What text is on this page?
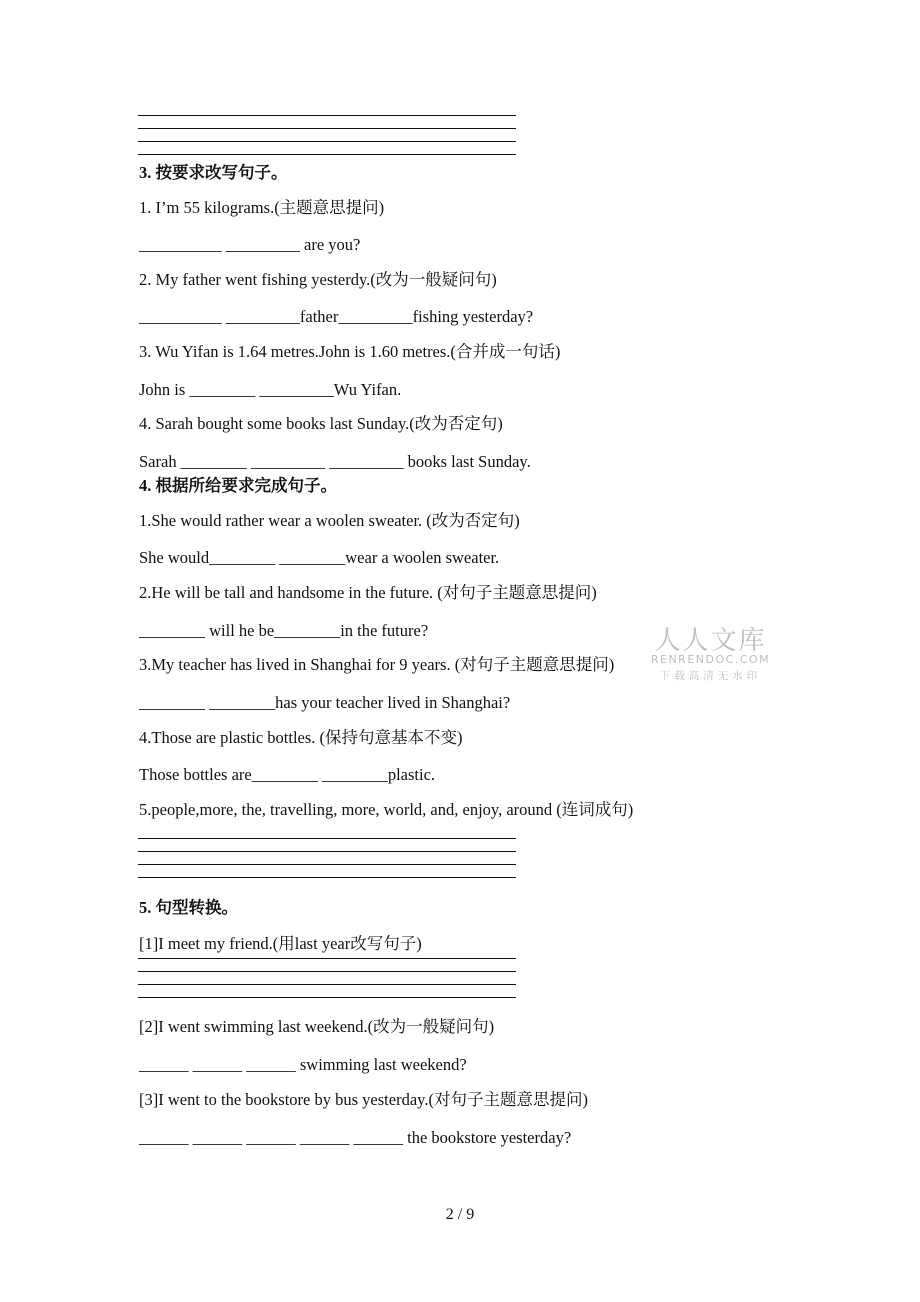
3. 按要求改写句子。
1. I’m 55 kilograms.(主题意思提问)
__________ _________ are you?
2. My father went fishing yesterdy.(改为一般疑问句)
__________ _________father_________fishing yesterday?
3. Wu Yifan is 1.64 metres.John is 1.60 metres.(合并成一句话)
John is ________ _________Wu Yifan.
4. Sarah bought some books last Sunday.(改为否定句)
Sarah ________ _________ _________ books last Sunday.
4. 根据所给要求完成句子。
1.She would rather wear a woolen sweater. (改为否定句)
She would________ ________wear a woolen sweater.
2.He will be tall and handsome in the future. (对句子主题意思提问)
________ will he be________in the future?
3.My teacher has lived in Shanghai for 9 years. (对句子主题意思提问)
________ ________has your teacher lived in Shanghai?
4.Those are plastic bottles. (保持句意基本不变)
Those bottles are________ ________plastic.
5.people,more, the, travelling, more, world, and, enjoy, around (连词成句)
5. 句型转换。
[1]I meet my friend.(用last year改写句子)
[2]I went swimming last weekend.(改为一般疑问句)
______ ______ ______ swimming last weekend?
[3]I went to the bookstore by bus yesterday.(对句子主题意思提问)
______ ______ ______ ______ ______ the bookstore yesterday?
人人文库
RENRENDOC.COM
下载高清无水印
2 / 9
